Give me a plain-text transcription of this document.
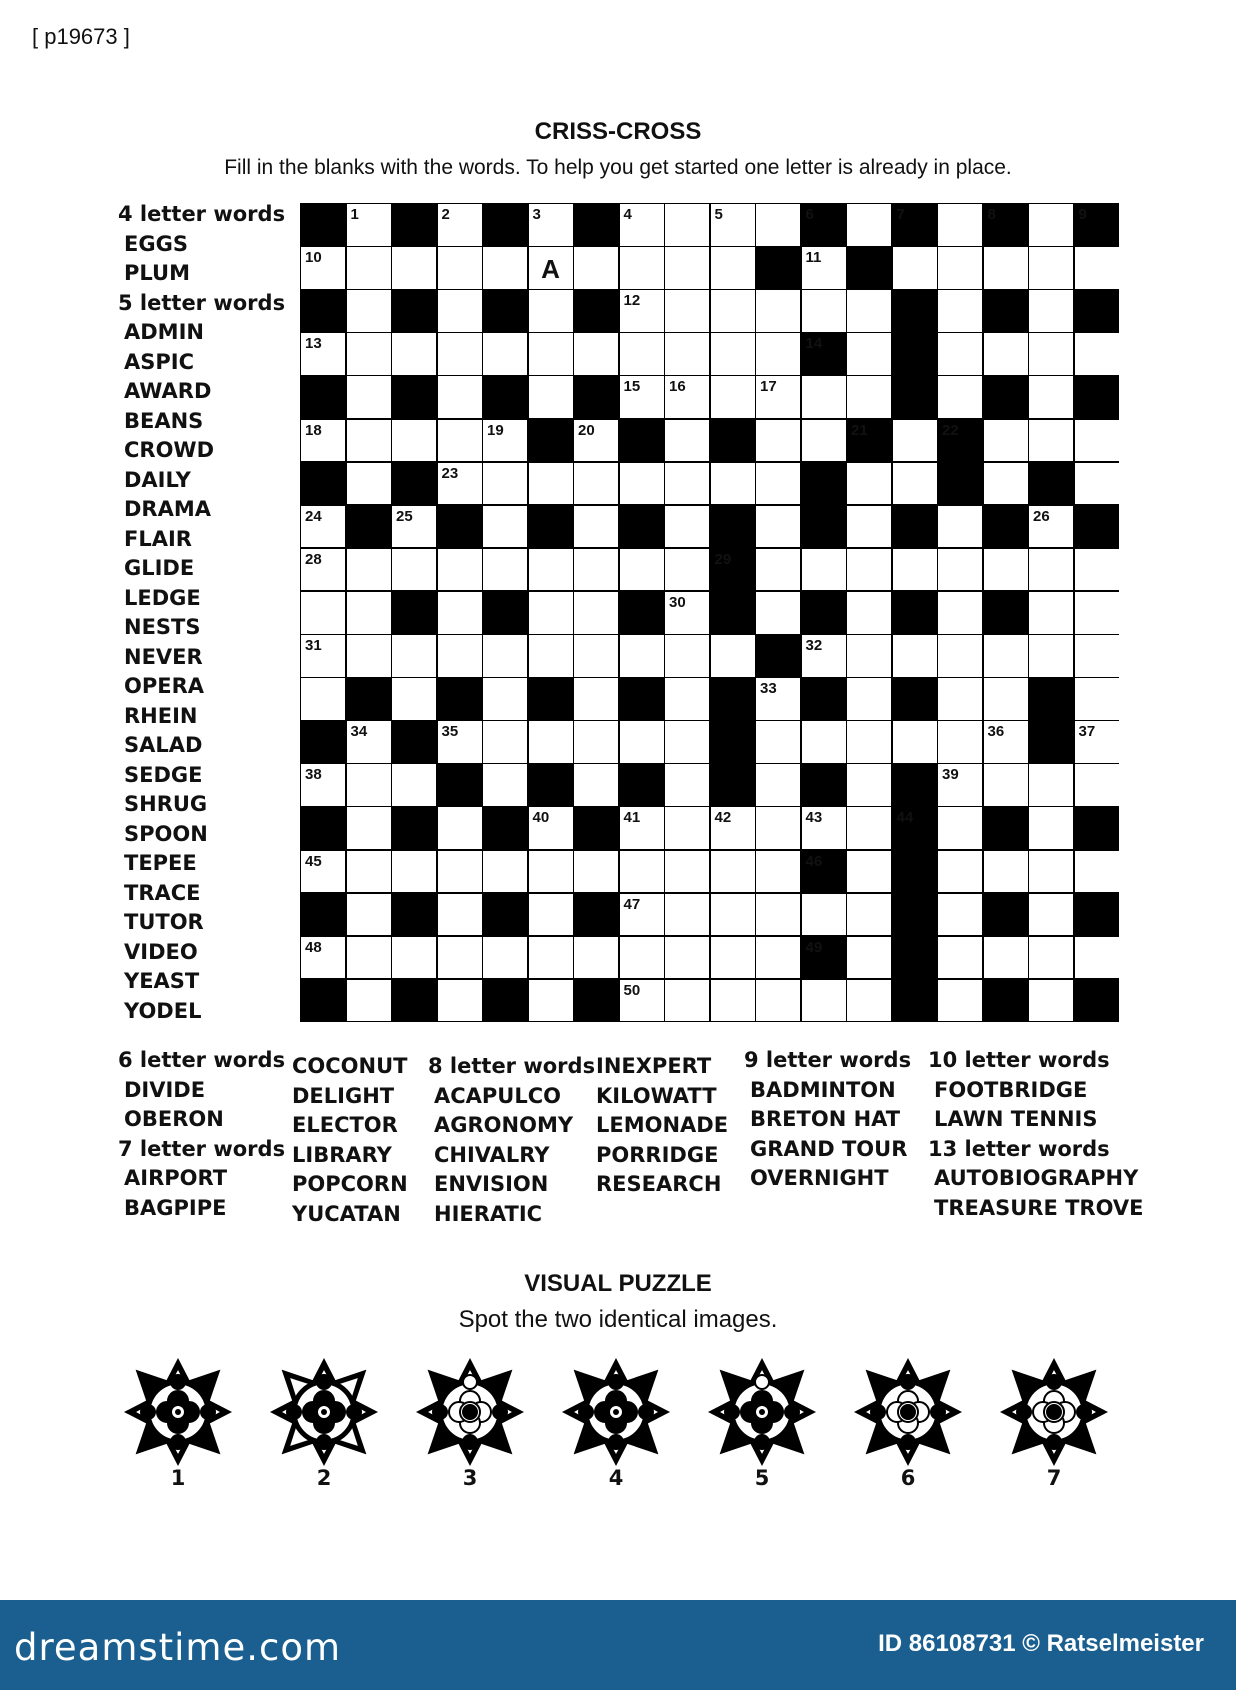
[ p19673 ]
CRISS-CROSS
Fill in the blanks with the words. To help you get started one letter is already in place.
4 letter words
EGGS
PLUM
5 letter words
ADMIN
ASPIC
AWARD
BEANS
CROWD
DAILY
DRAMA
FLAIR
GLIDE
LEDGE
NESTS
NEVER
OPERA
RHEIN
SALAD
SEDGE
SHRUG
SPOON
TEPEE
TRACE
TUTOR
VIDEO
YEAST
YODEL
6 letter words
DIVIDE
OBERON
7 letter words
AIRPORT
BAGPIPE
COCONUT
DELIGHT
ELECTOR
LIBRARY
POPCORN
YUCATAN
8 letter words
ACAPULCO
AGRONOMY
CHIVALRY
ENVISION
HIERATIC
INEXPERT
KILOWATT
LEMONADE
PORRIDGE
RESEARCH
9 letter words
BADMINTON
BRETON HAT
GRAND TOUR
OVERNIGHT
10 letter words
FOOTBRIDGE
LAWN TENNIS
13 letter words
AUTOBIOGRAPHY
TREASURE TROVE
1	2	3	4	5	6	7	8	9
10	A	11
12
13	14
15 16	17
18	19	20	21	22
23
24	25	26
28	29
30
31	32
33
34	35	36	37
38	39
40	41	42	43	44
45	46
47
48	49
50
VISUAL PUZZLE
Spot the two identical images.
1	2	3	4	5	6	7
dreamstime.com	ID 86108731 © Ratselmeister
